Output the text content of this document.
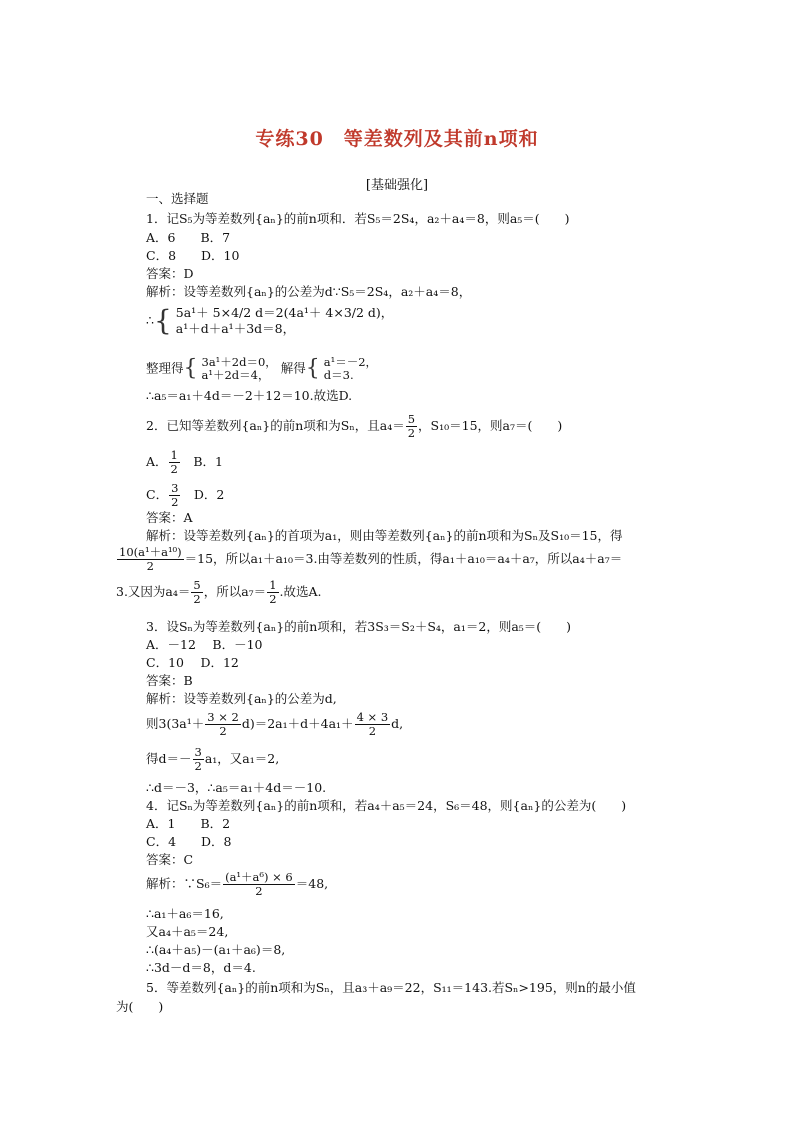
专练30　等差数列及其前n项和
[基础强化]
一、选择题
1．记S₅为等差数列{aₙ}的前n项和．若S₅＝2S₄，a₂＋a₄＝8，则a₅＝(　　)
A．6　　B．7
C．8　　D．10
答案：D
解析：设等差数列{aₙ}的公差为d∵S₅＝2S₄，a₂＋a₄＝8，
∴{ 5a¹＋ 5×4/2 d＝2(4a¹＋ 4×3/2 d)，
a¹＋d＋a¹＋3d＝8，
整理得{ 3a¹＋2d＝0，
a¹＋2d＝4， 解得{ a¹＝－2，
d＝3.
∴a₅＝a₁＋4d＝－2＋12＝10.故选D.
2．已知等差数列{aₙ}的前n项和为Sₙ，且$a_4= \frac{5}{2}$ ，S₁₀＝15，则a₇＝(　　)
A． $\frac{1}{2}$ 　B．1
C． $\frac{3}{2}$ 　D．2
答案：A
解析：设等差数列{aₙ}的首项为a₁，则由等差数列{aₙ}的前n项和为Sₙ及S₁₀＝15，得
$\frac{\text{10(a¹＋a¹⁰)}}{2} =15$，所以a₁＋a₁₀＝3.由等差数列的性质，得a₁＋a₁₀＝a₄＋a₇，所以a₄＋a₇＝
3.又因为$a_4= \frac{5}{2}$ ，所以$a_7= \frac{1}{2}$ .故选A.
3．设Sₙ为等差数列{aₙ}的前n项和，若3S₃＝S₂＋S₄，a₁＝2，则a₅＝(　　)
A．－12　 B．－10
C．10　 D．12
答案：B
解析：设等差数列{aₙ}的公差为d,
则$3(3a^1+ \frac{3 \times 2}{2} d)=2a_1+d+4a_1+ \frac{4 \times 3}{2} d$,
得$d=- \frac{3}{2} a_1$，又a₁＝2,
∴d＝－3，∴a₅＝a₁＋4d＝－10.
4．记Sₙ为等差数列{aₙ}的前n项和，若a₄＋a₅＝24，S₆＝48，则{aₙ}的公差为(　　)
A．1　　B．2
C．4　　D．8
答案：C
解析：∵S₆＝ $\frac{\text{(a¹＋a⁶) × 6}}{2} =48$,
∴a₁＋a₆＝16,
又a₄＋a₅＝24,
∴(a₄＋a₅)－(a₁＋a₆)＝8,
∴3d－d＝8，d＝4.
5．等差数列{aₙ}的前n项和为Sₙ，且a₃＋a₉＝22，S₁₁＝143.若Sₙ>195，则n的最小值
为(　　)
